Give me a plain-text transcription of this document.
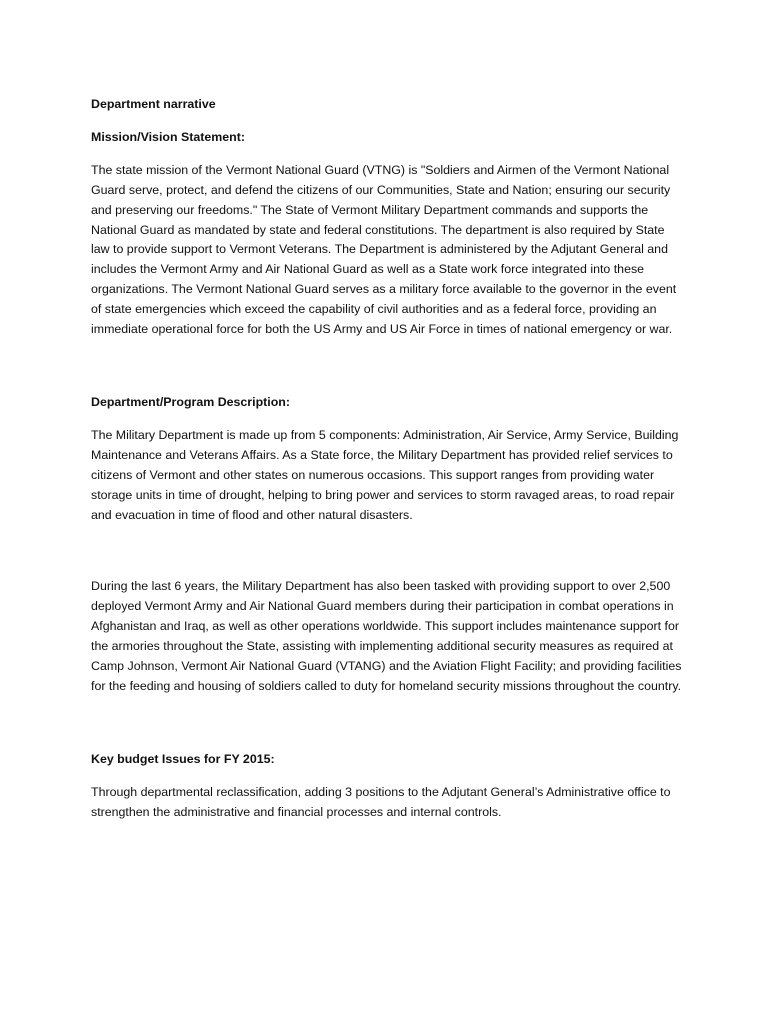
Department narrative

Mission/Vision Statement:

The state mission of the Vermont National Guard (VTNG) is "Soldiers and Airmen of the Vermont National Guard serve, protect, and defend the citizens of our Communities, State and Nation; ensuring our security and preserving our freedoms." The State of Vermont Military Department commands and supports the National Guard as mandated by state and federal constitutions. The department is also required by State law to provide support to Vermont Veterans. The Department is administered by the Adjutant General and includes the Vermont Army and Air National Guard as well as a State work force integrated into these organizations. The Vermont National Guard serves as a military force available to the governor in the event of state emergencies which exceed the capability of civil authorities and as a federal force, providing an immediate operational force for both the US Army and US Air Force in times of national emergency or war.

Department/Program Description:

The Military Department is made up from 5 components: Administration, Air Service, Army Service, Building Maintenance and Veterans Affairs. As a State force, the Military Department has provided relief services to citizens of Vermont and other states on numerous occasions. This support ranges from providing water storage units in time of drought, helping to bring power and services to storm ravaged areas, to road repair and evacuation in time of flood and other natural disasters.

During the last 6 years, the Military Department has also been tasked with providing support to over 2,500 deployed Vermont Army and Air National Guard members during their participation in combat operations in Afghanistan and Iraq, as well as other operations worldwide. This support includes maintenance support for the armories throughout the State, assisting with implementing additional security measures as required at Camp Johnson, Vermont Air National Guard (VTANG) and the Aviation Flight Facility; and providing facilities for the feeding and housing of soldiers called to duty for homeland security missions throughout the country.

Key budget Issues for FY 2015:

Through departmental reclassification, adding 3 positions to the Adjutant General’s Administrative office to strengthen the administrative and financial processes and internal controls.
